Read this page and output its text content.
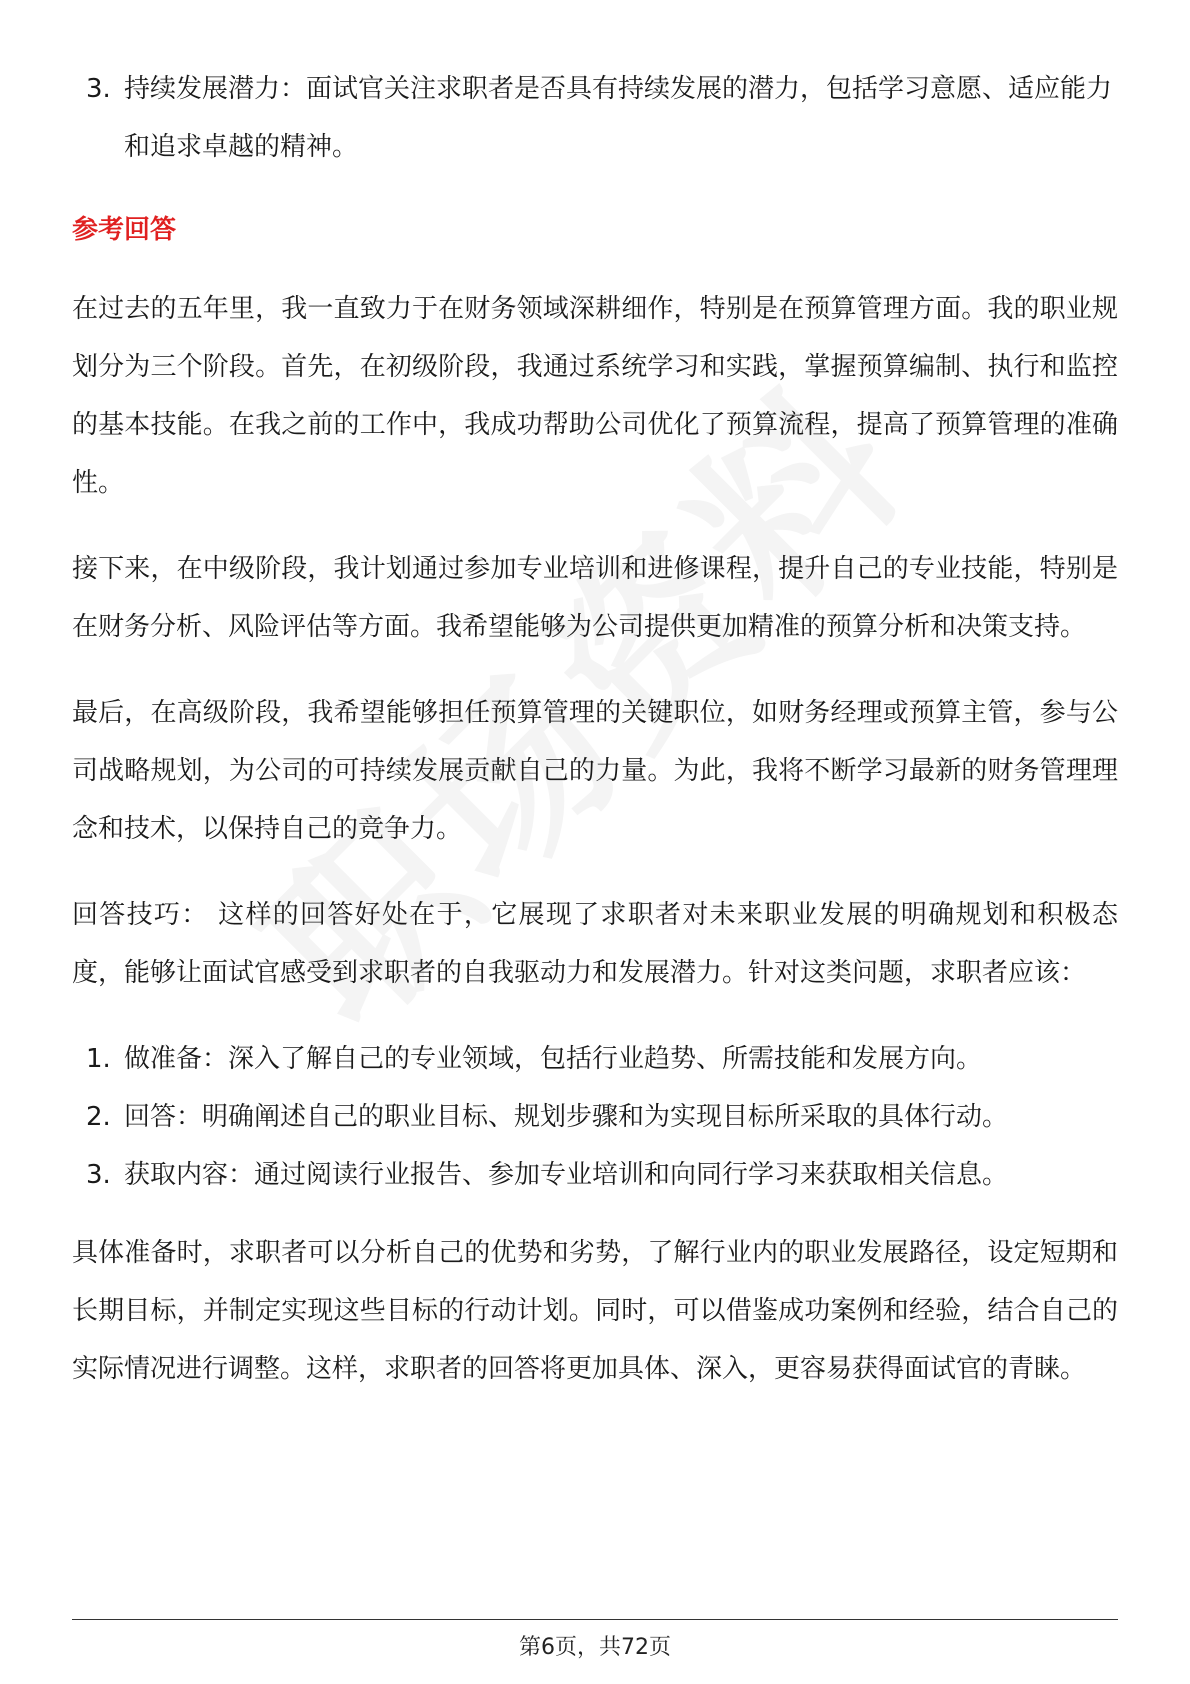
3. 持续发展潜力：面试官关注求职者是否具有持续发展的潜力，包括学习意愿、适应能力和追求卓越的精神。
参考回答

在过去的五年里，我一直致力于在财务领域深耕细作，特别是在预算管理方面。我的职业规划分为三个阶段。首先，在初级阶段，我通过系统学习和实践，掌握预算编制、执行和监控的基本技能。在我之前的工作中，我成功帮助公司优化了预算流程，提高了预算管理的准确性。

接下来，在中级阶段，我计划通过参加专业培训和进修课程，提升自己的专业技能，特别是在财务分析、风险评估等方面。我希望能够为公司提供更加精准的预算分析和决策支持。

最后，在高级阶段，我希望能够担任预算管理的关键职位，如财务经理或预算主管，参与公司战略规划，为公司的可持续发展贡献自己的力量。为此，我将不断学习最新的财务管理理念和技术，以保持自己的竞争力。

回答技巧： 这样的回答好处在于，它展现了求职者对未来职业发展的明确规划和积极态度，能够让面试官感受到求职者的自我驱动力和发展潜力。针对这类问题，求职者应该：

1. 做准备：深入了解自己的专业领域，包括行业趋势、所需技能和发展方向。
2. 回答：明确阐述自己的职业目标、规划步骤和为实现目标所采取的具体行动。
3. 获取内容：通过阅读行业报告、参加专业培训和向同行学习来获取相关信息。

具体准备时，求职者可以分析自己的优势和劣势，了解行业内的职业发展路径，设定短期和长期目标，并制定实现这些目标的行动计划。同时，可以借鉴成功案例和经验，结合自己的实际情况进行调整。这样，求职者的回答将更加具体、深入，更容易获得面试官的青睐。

第6页，共72页
